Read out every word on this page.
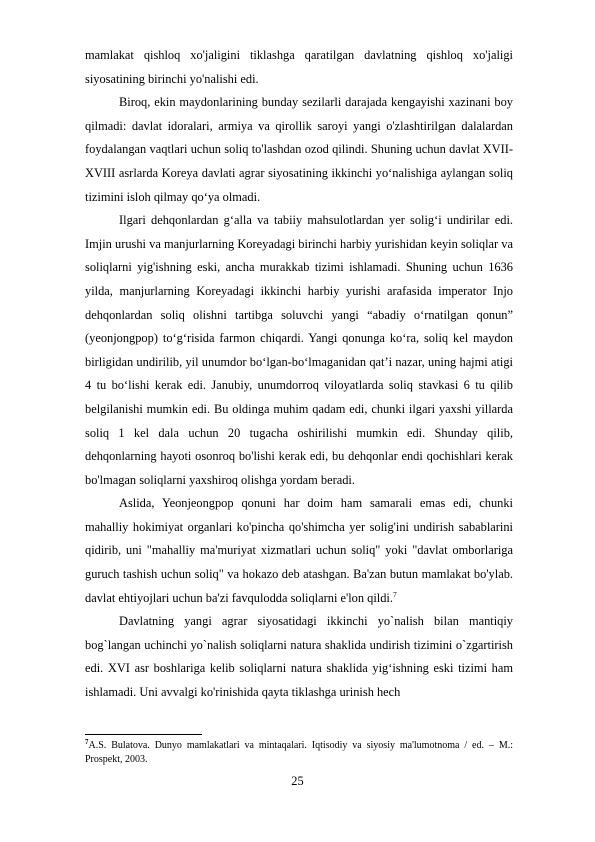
mamlakat qishloq xo'jaligini tiklashga qaratilgan davlatning qishloq xo'jaligi siyosatining birinchi yo'nalishi edi.

Biroq, ekin maydonlarining bunday sezilarli darajada kengayishi xazinani boy qilmadi: davlat idoralari, armiya va qirollik saroyi yangi o'zlashtirilgan dalalardan foydalangan vaqtlari uchun soliq to'lashdan ozod qilindi. Shuning uchun davlat XVII-XVIII asrlarda Koreya davlati agrar siyosatining ikkinchi yo‘nalishiga aylangan soliq tizimini isloh qilmay qo‘ya olmadi.

Ilgari dehqonlardan g‘alla va tabiiy mahsulotlardan yer solig‘i undirilar edi. Imjin urushi va manjurlarning Koreyadagi birinchi harbiy yurishidan keyin soliqlar va soliqlarni yig'ishning eski, ancha murakkab tizimi ishlamadi. Shuning uchun 1636 yilda, manjurlarning Koreyadagi ikkinchi harbiy yurishi arafasida imperator Injo dehqonlardan soliq olishni tartibga soluvchi yangi “abadiy o‘rnatilgan qonun” (yeonjongpop) to‘g‘risida farmon chiqardi. Yangi qonunga ko‘ra, soliq kel maydon birligidan undirilib, yil unumdor bo‘lgan-bo‘lmaganidan qat’i nazar, uning hajmi atigi 4 tu bo‘lishi kerak edi. Janubiy, unumdorroq viloyatlarda soliq stavkasi 6 tu qilib belgilanishi mumkin edi. Bu oldinga muhim qadam edi, chunki ilgari yaxshi yillarda soliq 1 kel dala uchun 20 tugacha oshirilishi mumkin edi. Shunday qilib, dehqonlarning hayoti osonroq bo'lishi kerak edi, bu dehqonlar endi qochishlari kerak bo'lmagan soliqlarni yaxshiroq olishga yordam beradi.

Aslida, Yeonjeongpop qonuni har doim ham samarali emas edi, chunki mahalliy hokimiyat organlari ko'pincha qo'shimcha yer solig'ini undirish sabablarini qidirib, uni "mahalliy ma'muriyat xizmatlari uchun soliq" yoki "davlat omborlariga guruch tashish uchun soliq" va hokazo deb atashgan. Ba'zan butun mamlakat bo'ylab. davlat ehtiyojlari uchun ba'zi favqulodda soliqlarni e'lon qildi.$^7$

Davlatning yangi agrar siyosatidagi ikkinchi yo`nalish bilan mantiqiy bog`langan uchinchi yo`nalish soliqlarni natura shaklida undirish tizimini o`zgartirish edi. XVI asr boshlariga kelib soliqlarni natura shaklida yig‘ishning eski tizimi ham ishlamadi. Uni avvalgi ko'rinishida qayta tiklashga urinish hech

$^7$A.S. Bulatova. Dunyo mamlakatlari va mintaqalari. Iqtisodiy va siyosiy ma'lumotnoma / ed. – M.: Prospekt, 2003.

25
